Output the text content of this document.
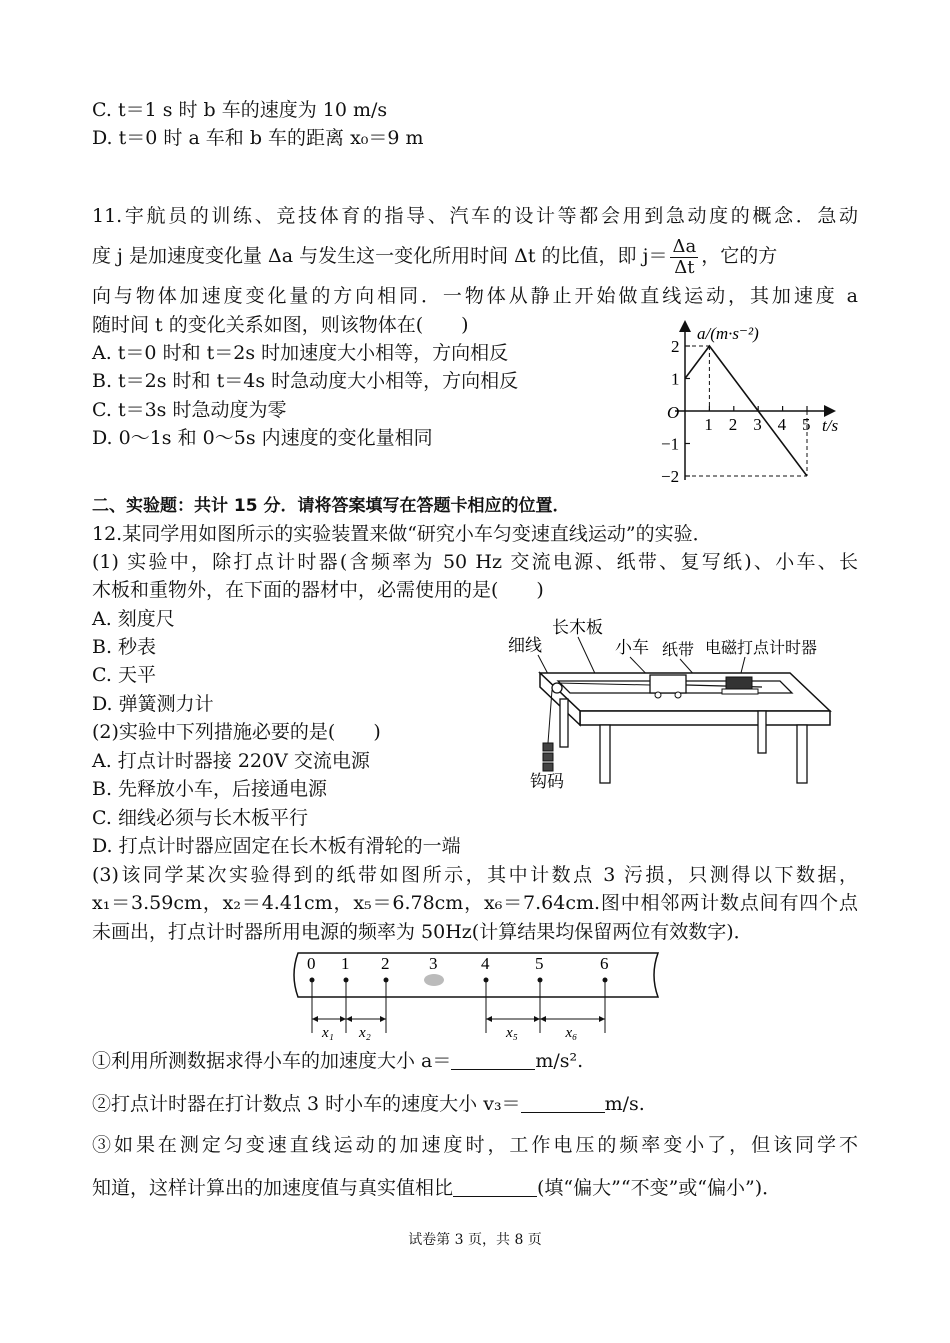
C. t＝1 s 时 b 车的速度为 10 m/s
D. t＝0 时 a 车和 b 车的距离 x₀＝9 m
11.宇航员的训练、竞技体育的指导、汽车的设计等都会用到急动度的概念．急动
度 j 是加速度变化量 Δa 与发生这一变化所用时间 Δt 的比值，即 $j= \frac{\Delta a}{\Delta t}$ ，它的方
向与物体加速度变化量的方向相同．一物体从静止开始做直线运动，其加速度 a
随时间 t 的变化关系如图，则该物体在(　　)
A. t＝0 时和 t＝2s 时加速度大小相等，方向相反
B. t＝2s 时和 t＝4s 时急动度大小相等，方向相反
C. t＝3s 时急动度为零
D. 0～1s 和 0～5s 内速度的变化量相同
a/(m·s⁻²)
t/s
O
1 2 3 4 5
2
1
−1
−2
二、实验题：共计 15 分．请将答案填写在答题卡相应的位置．
12.某同学用如图所示的实验装置来做“研究小车匀变速直线运动”的实验．
(1) 实验中，除打点计时器(含频率为 50 Hz 交流电源、纸带、复写纸)、小车、长
木板和重物外，在下面的器材中，必需使用的是(　　)
A. 刻度尺
B. 秒表
C. 天平
D. 弹簧测力计
(2)实验中下列措施必要的是(　　)
A. 打点计时器接 220V 交流电源
B. 先释放小车，后接通电源
C. 细线必须与长木板平行
D. 打点计时器应固定在长木板有滑轮的一端
(3)该同学某次实验得到的纸带如图所示，其中计数点 3 污损，只测得以下数据，
x₁＝3.59cm，x₂＝4.41cm，x₅＝6.78cm，x₆＝7.64cm.图中相邻两计数点间有四个点
未画出，打点计时器所用电源的频率为 50Hz(计算结果均保留两位有效数字)．
细线
长木板
小车 纸带 电磁打点计时器
钩码
0 1 2 3	4	5	6
x₁ x₂	x₅	x₆
①利用所测数据求得小车的加速度大小 a＝	m/s².
②打点计时器在打计数点 3 时小车的速度大小 v₃＝	m/s.
③如果在测定匀变速直线运动的加速度时，工作电压的频率变小了，但该同学不
知道，这样计算出的加速度值与真实值相比	(填“偏大”“不变”或“偏小”)．
试卷第 3 页，共 8 页
